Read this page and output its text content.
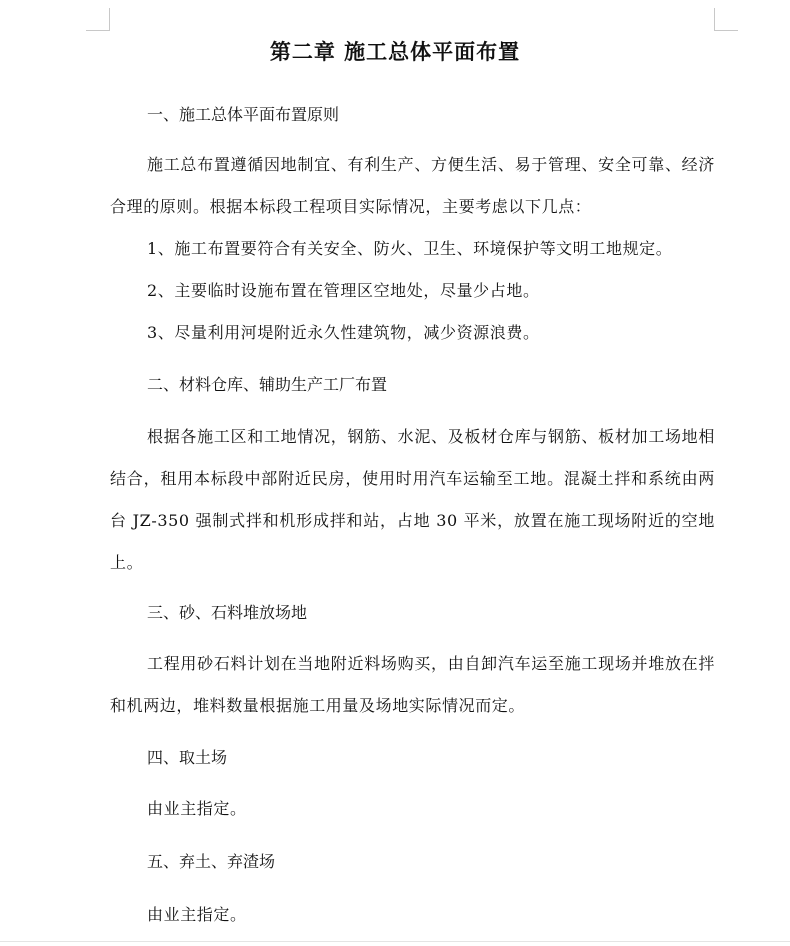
第二章 施工总体平面布置
一、施工总体平面布置原则

施工总布置遵循因地制宜、有利生产、方便生活、易于管理、安全可靠、经济合理的原则。根据本标段工程项目实际情况，主要考虑以下几点：

1、施工布置要符合有关安全、防火、卫生、环境保护等文明工地规定。

2、主要临时设施布置在管理区空地处，尽量少占地。

3、尽量利用河堤附近永久性建筑物，减少资源浪费。

二、材料仓库、辅助生产工厂布置

根据各施工区和工地情况，钢筋、水泥、及板材仓库与钢筋、板材加工场地相结合，租用本标段中部附近民房，使用时用汽车运输至工地。混凝土拌和系统由两台 JZ-350 强制式拌和机形成拌和站，占地 30 平米，放置在施工现场附近的空地上。

三、砂、石料堆放场地

工程用砂石料计划在当地附近料场购买，由自卸汽车运至施工现场并堆放在拌和机两边，堆料数量根据施工用量及场地实际情况而定。

四、取土场

由业主指定。

五、弃土、弃渣场

由业主指定。
